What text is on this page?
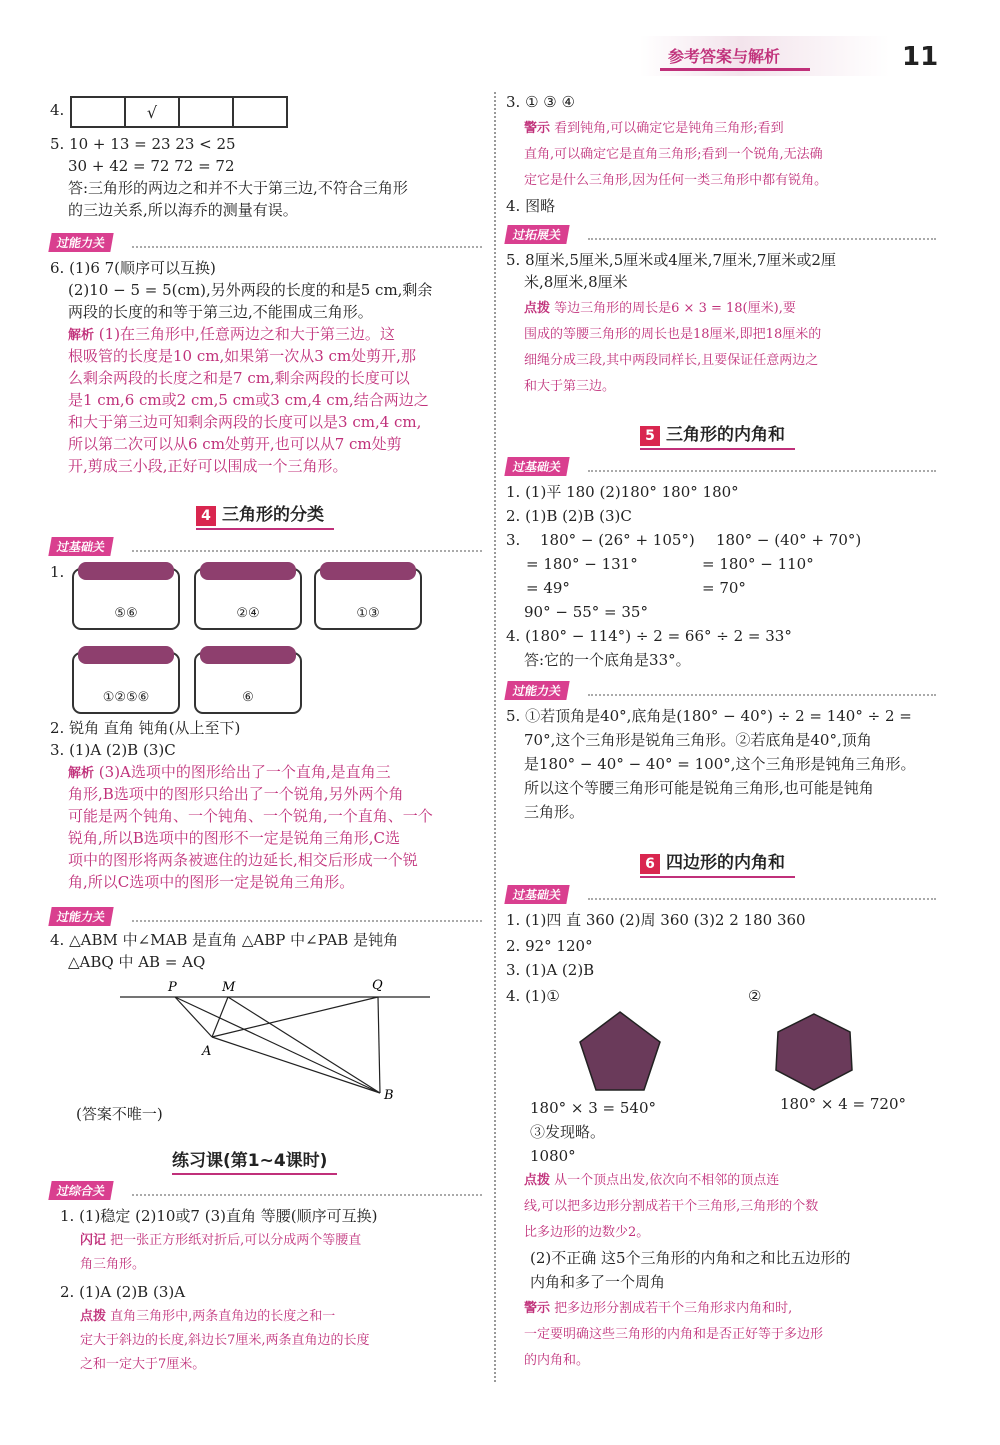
参考答案与解析	11
4.
		√		
5. 10 + 13 = 23 23 < 25
30 + 42 = 72 72 = 72
答:三角形的两边之和并不大于第三边,不符合三角形
的三边关系,所以海乔的测量有误。
过能力关
6. (1)6 7(顺序可以互换)
(2)10 − 5 = 5(cm),另外两段的长度的和是5 cm,剩余
两段的长度的和等于第三边,不能围成三角形。
解析 (1)在三角形中,任意两边之和大于第三边。这
根吸管的长度是10 cm,如果第一次从3 cm处剪开,那
么剩余两段的长度之和是7 cm,剩余两段的长度可以
是1 cm,6 cm或2 cm,5 cm或3 cm,4 cm,结合两边之
和大于第三边可知剩余两段的长度可以是3 cm,4 cm,
所以第二次可以从6 cm处剪开,也可以从7 cm处剪
开,剪成三小段,正好可以围成一个三角形。
4 三角形的分类
过基础关
1.
⑤⑥	②④	①③
①②⑤⑥	⑥
2. 锐角 直角 钝角(从上至下)
3. (1)A (2)B (3)C
解析 (3)A选项中的图形给出了一个直角,是直角三
角形,B选项中的图形只给出了一个锐角,另外两个角
可能是两个钝角、一个钝角、一个锐角,一个直角、一个
锐角,所以B选项中的图形不一定是锐角三角形,C选
项中的图形将两条被遮住的边延长,相交后形成一个锐
角,所以C选项中的图形一定是锐角三角形。
过能力关
4. △ABM 中∠MAB 是直角 △ABP 中∠PAB 是钝角
△ABQ 中 AB = AQ
P	M	Q
A
B
(答案不唯一)
练习课(第1~4课时)
过综合关
1. (1)稳定 (2)10或7 (3)直角 等腰(顺序可互换)
闪记 把一张正方形纸对折后,可以分成两个等腰直
角三角形。
2. (1)A (2)B (3)A
点拨 直角三角形中,两条直角边的长度之和一
定大于斜边的长度,斜边长7厘米,两条直角边的长度
之和一定大于7厘米。
3. ① ③ ④
警示 看到钝角,可以确定它是钝角三角形;看到
直角,可以确定它是直角三角形;看到一个锐角,无法确
定它是什么三角形,因为任何一类三角形中都有锐角。
4. 图略
过拓展关
5. 8厘米,5厘米,5厘米或4厘米,7厘米,7厘米或2厘
米,8厘米,8厘米
点拨 等边三角形的周长是6 × 3 = 18(厘米),要
围成的等腰三角形的周长也是18厘米,即把18厘米的
细绳分成三段,其中两段同样长,且要保证任意两边之
和大于第三边。
5 三角形的内角和
过基础关
1. (1)平 180 (2)180° 180° 180°
2. (1)B (2)B (3)C
3. 180° − (26° + 105°)
= 180° − 131°
= 49°
180° − (40° + 70°)
= 180° − 110°
= 70°
90° − 55° = 35°
4. (180° − 114°) ÷ 2 = 66° ÷ 2 = 33°
答:它的一个底角是33°。
过能力关
5. ①若顶角是40°,底角是(180° − 40°) ÷ 2 = 140° ÷ 2 =
70°,这个三角形是锐角三角形。②若底角是40°,顶角
是180° − 40° − 40° = 100°,这个三角形是钝角三角形。
所以这个等腰三角形可能是锐角三角形,也可能是钝角
三角形。
6 四边形的内角和
过基础关
1. (1)四 直 360 (2)周 360 (3)2 2 180 360
2. 92° 120°
3. (1)A (2)B
4. (1)①	②
180° × 3 = 540°	180° × 4 = 720°
③发现略。
1080°
点拨 从一个顶点出发,依次向不相邻的顶点连
线,可以把多边形分割成若干个三角形,三角形的个数
比多边形的边数少2。
(2)不正确 这5个三角形的内角和之和比五边形的
内角和多了一个周角
警示 把多边形分割成若干个三角形求内角和时,
一定要明确这些三角形的内角和是否正好等于多边形
的内角和。
